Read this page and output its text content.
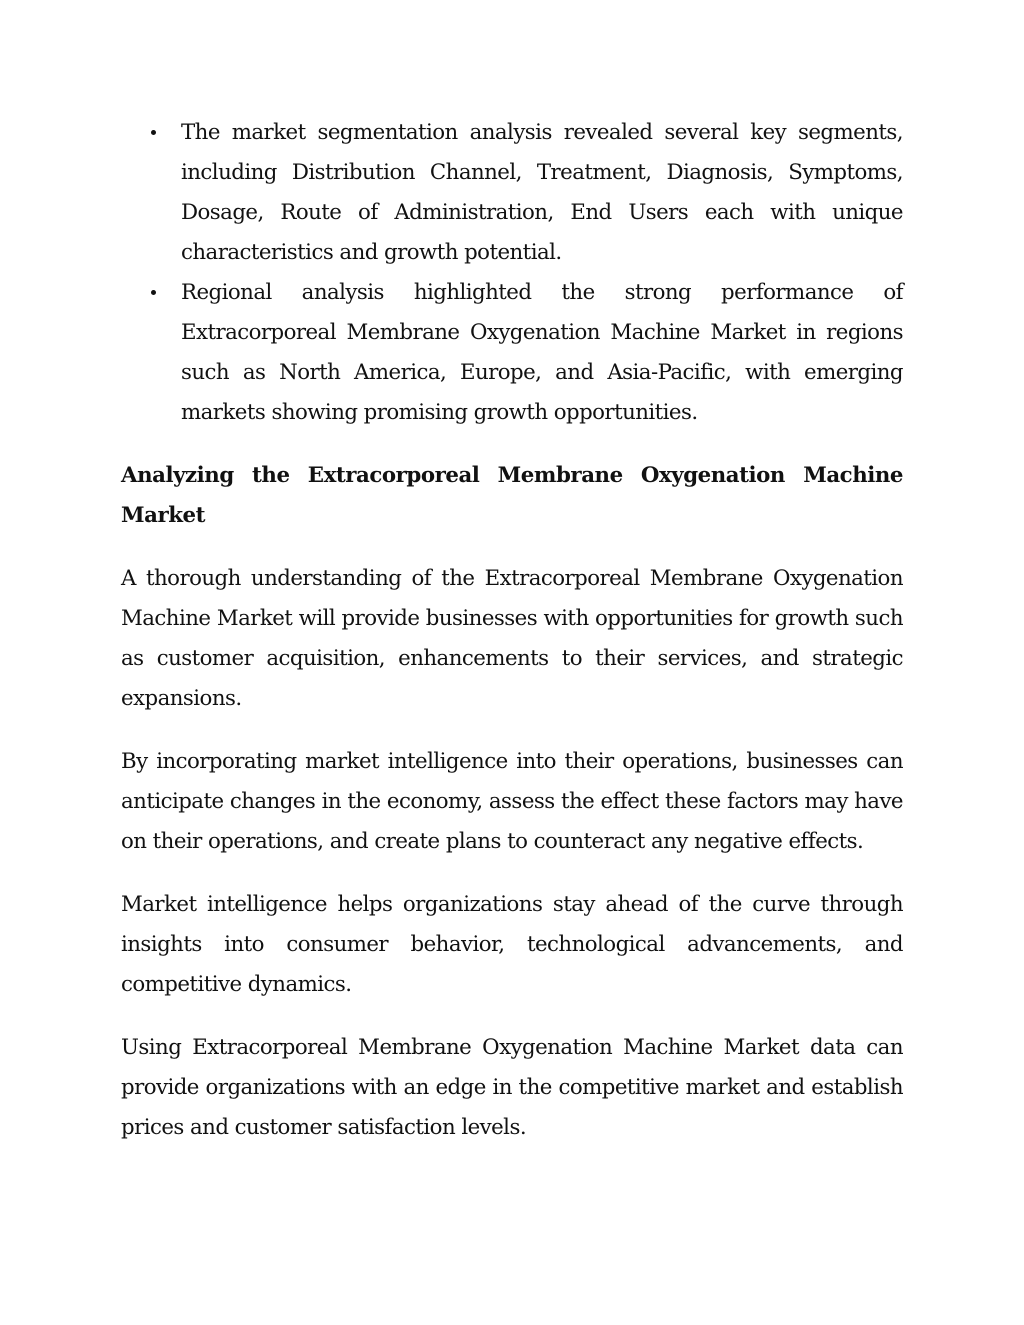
The market segmentation analysis revealed several key segments, including Distribution Channel, Treatment, Diagnosis, Symptoms, Dosage, Route of Administration, End Users each with unique characteristics and growth potential.
Regional analysis highlighted the strong performance of Extracorporeal Membrane Oxygenation Machine Market in regions such as North America, Europe, and Asia-Pacific, with emerging markets showing promising growth opportunities.
Analyzing the Extracorporeal Membrane Oxygenation Machine Market

A thorough understanding of the Extracorporeal Membrane Oxygenation Machine Market will provide businesses with opportunities for growth such as customer acquisition, enhancements to their services, and strategic expansions.

By incorporating market intelligence into their operations, businesses can anticipate changes in the economy, assess the effect these factors may have on their operations, and create plans to counteract any negative effects.

Market intelligence helps organizations stay ahead of the curve through insights into consumer behavior, technological advancements, and competitive dynamics.

Using Extracorporeal Membrane Oxygenation Machine Market data can provide organizations with an edge in the competitive market and establish prices and customer satisfaction levels.
